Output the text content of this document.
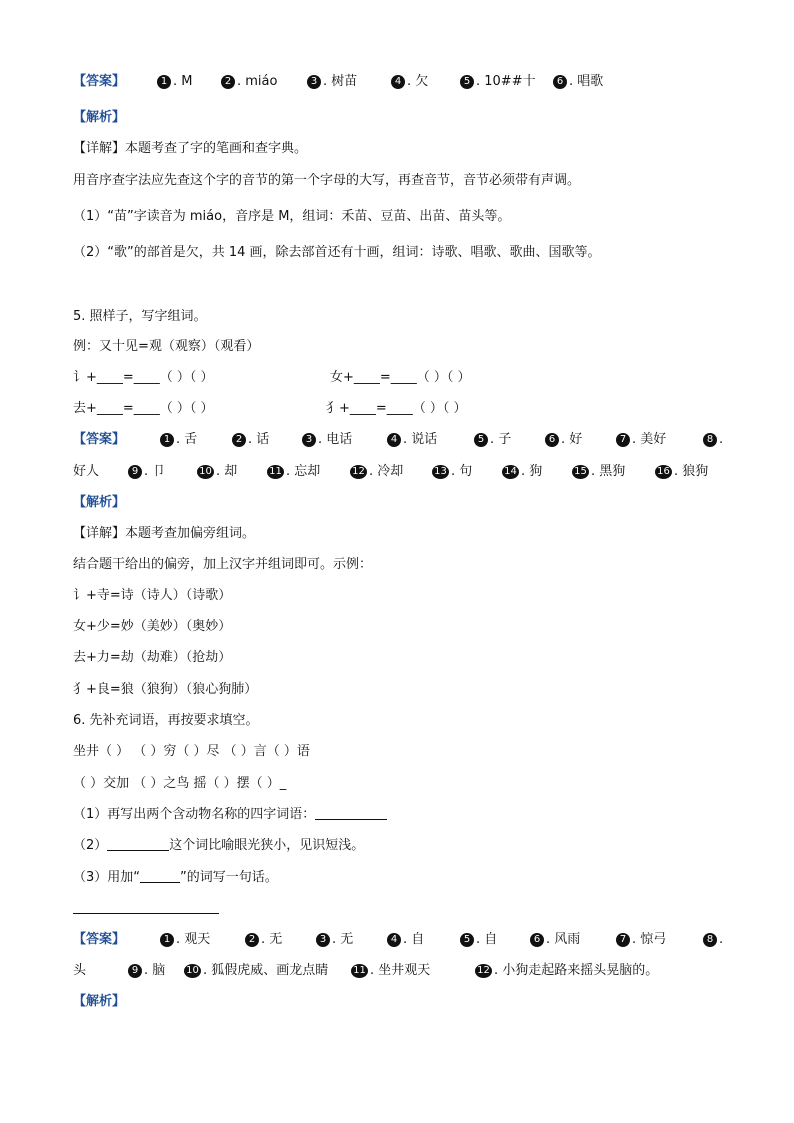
【答案】	1 . M	2 . miáo	3 . 树苗	4 . 欠	5 . 10##十	6 . 唱歌
【解析】
【详解】本题考查了字的笔画和查字典。
用音序查字法应先查这个字的音节的第一个字母的大写，再查音节，音节必须带有声调。
（1）“苗”字读音为 miáo，音序是 M，组词：禾苗、豆苗、出苗、苗头等。
（2）“歌”的部首是欠，共 14 画，除去部首还有十画，组词：诗歌、唱歌、歌曲、国歌等。
5. 照样子，写字组词。
例：又十见=观（观察）（观看）
讠+____=____（ ）（ ）	女+____=____（ ）（ ）
去+____=____（ ）（ ）	犭+____=____（ ）（ ）
【答案】	1 . 舌	2 . 话	3 . 电话	4 . 说话	5 . 子	6 . 好	7 . 美好	8 .
好人	9 . 卩	10 . 却	11 . 忘却	12 . 冷却	13 . 句	14 . 狗	15 . 黑狗	16 . 狼狗
【解析】
【详解】本题考查加偏旁组词。
结合题干给出的偏旁，加上汉字并组词即可。示例：
讠+寺=诗（诗人）（诗歌）
女+少=妙（美妙）（奥妙）
去+力=劫（劫难）（抢劫）
犭+良=狼（狼狗）（狼心狗肺）
6. 先补充词语，再按要求填空。
坐井（ ） （ ）穷（ ）尽 （ ）言（ ）语
（ ）交加 （ ）之鸟 摇（ ）摆（ ）_
（1）再写出两个含动物名称的四字词语：
（2）	这个词比喻眼光狭小，见识短浅。
（3）用加“	”的词写一句话。
【答案】	1 . 观天	2 . 无	3 . 无	4 . 自	5 . 自	6 . 风雨	7 . 惊弓	8 .
头	9 . 脑 10 . 狐假虎威、画龙点睛 11 . 坐井观天	12 . 小狗走起路来摇头晃脑的。
【解析】
